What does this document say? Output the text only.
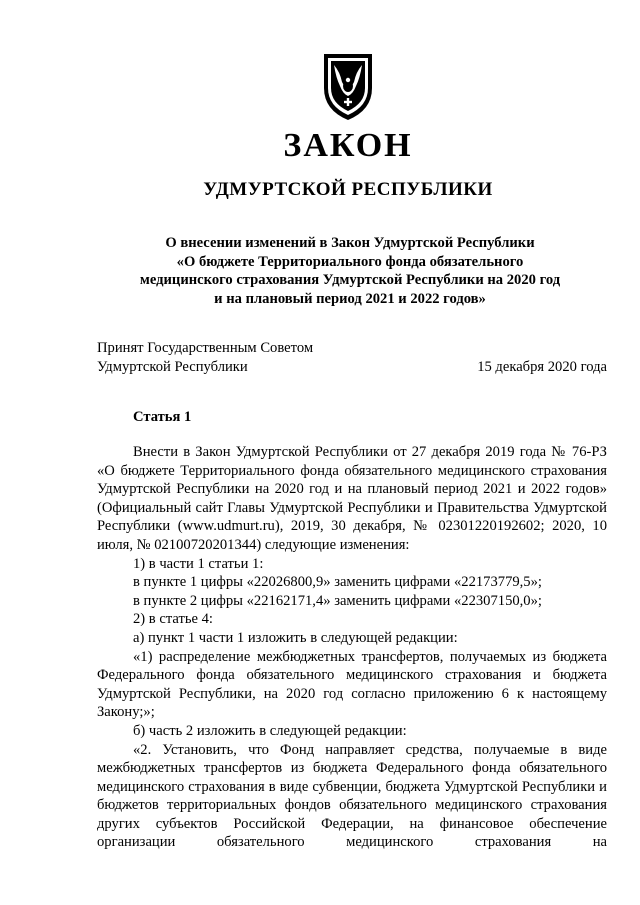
ЗАКОН
УДМУРТСКОЙ РЕСПУБЛИКИ
О внесении изменений в Закон Удмуртской Республики
«О бюджете Территориального фонда обязательного
медицинского страхования Удмуртской Республики на 2020 год
и на плановый период 2021 и 2022 годов»
Принят Государственным Советом
Удмуртской Республики	15 декабря 2020 года
Статья 1

Внести в Закон Удмуртской Республики от 27 декабря 2019 года № 76-РЗ «О бюджете Территориального фонда обязательного медицинского страхования Удмуртской Республики на 2020 год и на плановый период 2021 и 2022 годов» (Официальный сайт Главы Удмуртской Республики и Правительства Удмуртской Республики (www.udmurt.ru), 2019, 30 декабря, № 02301220192602; 2020, 10 июля, № 02100720201344) следующие изменения:

1) в части 1 статьи 1:

в пункте 1 цифры «22026800,9» заменить цифрами «22173779,5»;

в пункте 2 цифры «22162171,4» заменить цифрами «22307150,0»;

2) в статье 4:

а) пункт 1 части 1 изложить в следующей редакции:

«1) распределение межбюджетных трансфертов, получаемых из бюджета Федерального фонда обязательного медицинского страхования и бюджета Удмуртской Республики, на 2020 год согласно приложению 6 к настоящему Закону;»;

б) часть 2 изложить в следующей редакции:

«2. Установить, что Фонд направляет средства, получаемые в виде межбюджетных трансфертов из бюджета Федерального фонда обязательного медицинского страхования в виде субвенции, бюджета Удмуртской Республики и бюджетов территориальных фондов обязательного медицинского страхования других субъектов Российской Федерации, на финансовое обеспечение организации обязательного медицинского страхования на
